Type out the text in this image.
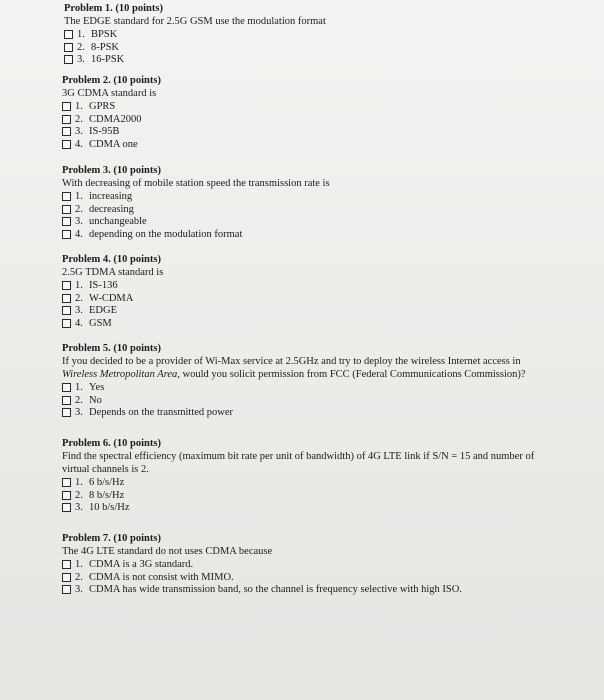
Problem 1. (10 points)
The EDGE standard for 2.5G GSM use the modulation format
1. BPSK
2. 8-PSK
3. 16-PSK
Problem 2. (10 points)
3G CDMA standard is
1. GPRS
2. CDMA2000
3. IS-95B
4. CDMA one
Problem 3. (10 points)
With decreasing of mobile station speed the transmission rate is
1. increasing
2. decreasing
3. unchangeable
4. depending on the modulation format
Problem 4. (10 points)
2.5G TDMA standard is
1. IS-136
2. W-CDMA
3. EDGE
4. GSM
Problem 5. (10 points)
If you decided to be a provider of Wi-Max service at 2.5GHz and try to deploy the wireless Internet access in
Wireless Metropolitan Area, would you solicit permission from FCC (Federal Communications Commission)?
1. Yes
2. No
3. Depends on the transmitted power
Problem 6. (10 points)
Find the spectral efficiency (maximum bit rate per unit of bandwidth) of 4G LTE link if S/N = 15 and number of
virtual channels is 2.
1. 6 b/s/Hz
2. 8 b/s/Hz
3. 10 b/s/Hz
Problem 7. (10 points)
The 4G LTE standard do not uses CDMA because
1. CDMA is a 3G standard.
2. CDMA is not consist with MIMO.
3. CDMA has wide transmission band, so the channel is frequency selective with high ISO.
